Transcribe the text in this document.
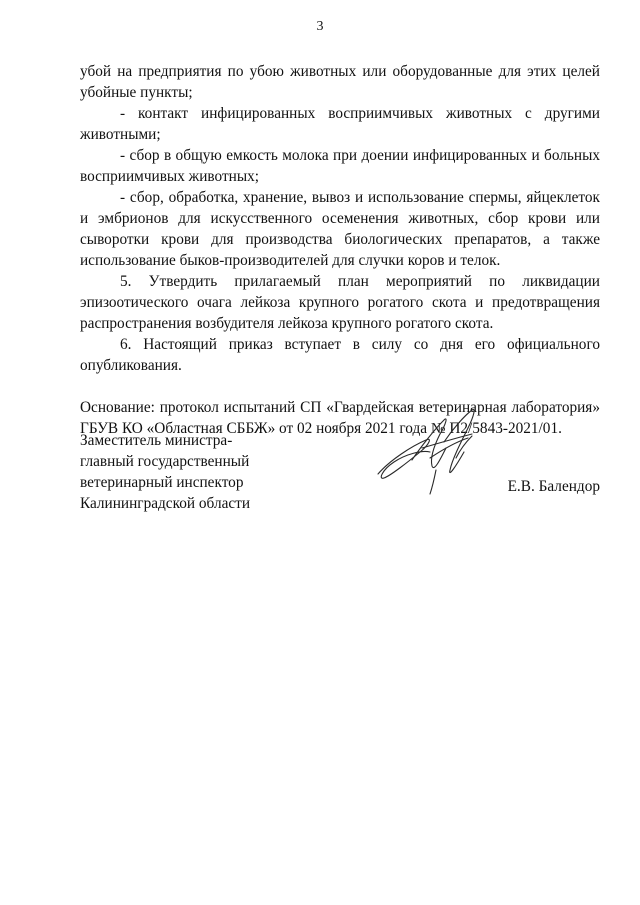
3

убой на предприятия по убою животных или оборудованные для этих целей убойные пункты;

- контакт инфицированных восприимчивых животных с другими животными;

- сбор в общую емкость молока при доении инфицированных и больных восприимчивых животных;

- сбор, обработка, хранение, вывоз и использование спермы, яйцеклеток и эмбрионов для искусственного осеменения животных, сбор крови или сыворотки крови для производства биологических препаратов, а также использование быков-производителей для случки коров и телок.

5. Утвердить прилагаемый план мероприятий по ликвидации эпизоотического очага лейкоза крупного рогатого скота и предотвращения распространения возбудителя лейкоза крупного рогатого скота.

6. Настоящий приказ вступает в силу со дня его официального опубликования.

Основание: протокол испытаний СП «Гвардейская ветеринарная лаборатория» ГБУВ КО «Областная СББЖ» от 02 ноября 2021 года № П2/5843-2021/01.

Заместитель министра-
главный государственный
ветеринарный инспектор
Калининградской области
Е.В. Балендор
